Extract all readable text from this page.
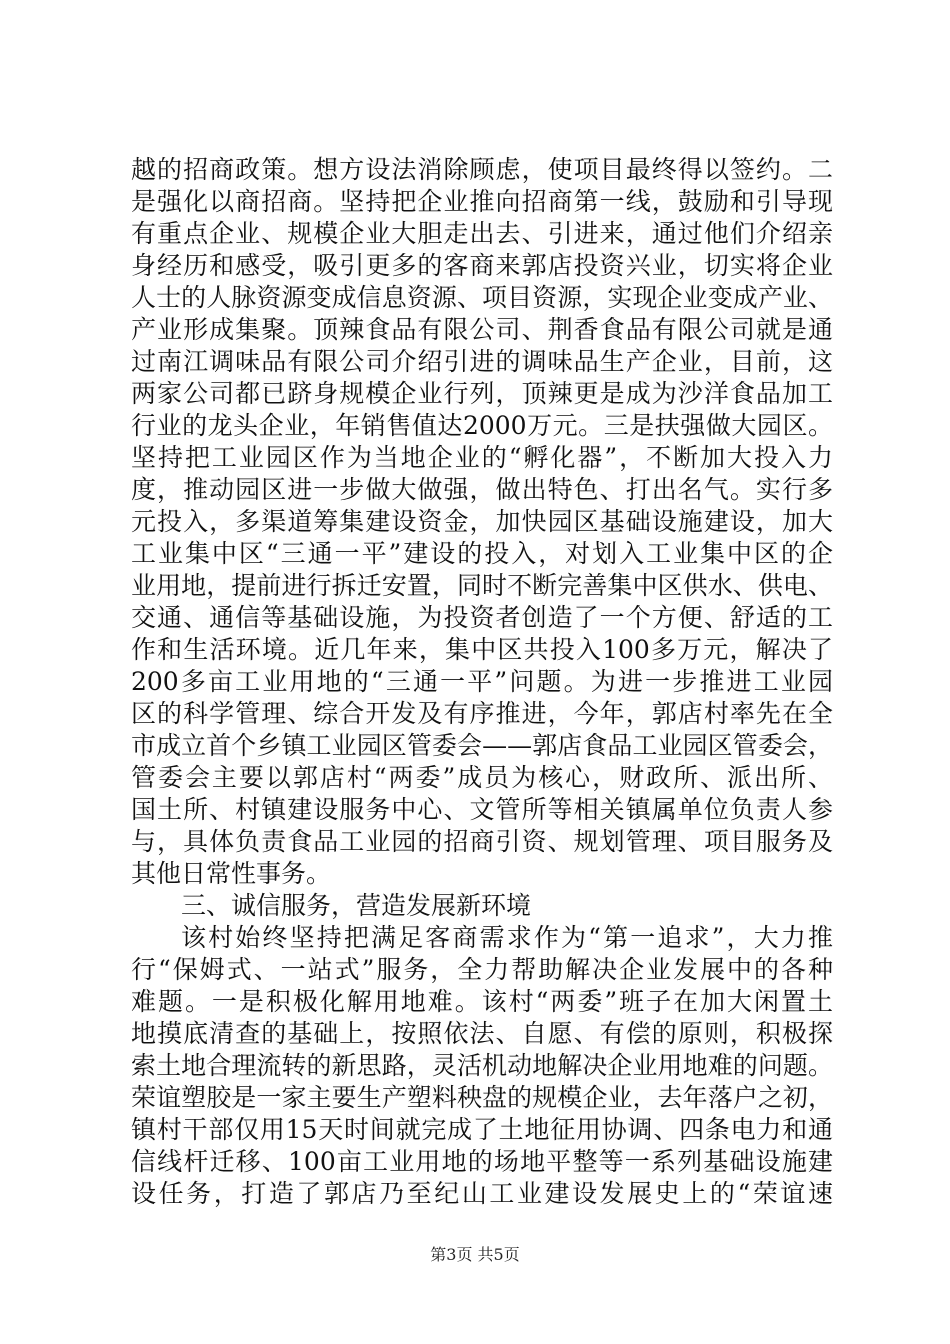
越的招商政策。想方设法消除顾虑，使项目最终得以签约。二
是强化以商招商。坚持把企业推向招商第一线，鼓励和引导现
有重点企业、规模企业大胆走出去、引进来，通过他们介绍亲
身经历和感受，吸引更多的客商来郭店投资兴业，切实将企业
人士的人脉资源变成信息资源、项目资源，实现企业变成产业、
产业形成集聚。顶辣食品有限公司、荆香食品有限公司就是通
过南江调味品有限公司介绍引进的调味品生产企业，目前，这
两家公司都已跻身规模企业行列，顶辣更是成为沙洋食品加工
行业的龙头企业，年销售值达2000万元。三是扶强做大园区。
坚持把工业园区作为当地企业的“孵化器”，不断加大投入力
度，推动园区进一步做大做强，做出特色、打出名气。实行多
元投入，多渠道筹集建设资金，加快园区基础设施建设，加大
工业集中区“三通一平”建设的投入，对划入工业集中区的企
业用地，提前进行拆迁安置，同时不断完善集中区供水、供电、
交通、通信等基础设施，为投资者创造了一个方便、舒适的工
作和生活环境。近几年来，集中区共投入100多万元，解决了
200多亩工业用地的“三通一平”问题。为进一步推进工业园
区的科学管理、综合开发及有序推进，今年，郭店村率先在全
市成立首个乡镇工业园区管委会——郭店食品工业园区管委会，
管委会主要以郭店村“两委”成员为核心，财政所、派出所、
国土所、村镇建设服务中心、文管所等相关镇属单位负责人参
与，具体负责食品工业园的招商引资、规划管理、项目服务及
其他日常性事务。
三、诚信服务，营造发展新环境
该村始终坚持把满足客商需求作为“第一追求”，大力推
行“保姆式、一站式”服务，全力帮助解决企业发展中的各种
难题。一是积极化解用地难。该村“两委”班子在加大闲置土
地摸底清查的基础上，按照依法、自愿、有偿的原则，积极探
索土地合理流转的新思路，灵活机动地解决企业用地难的问题。
荣谊塑胶是一家主要生产塑料秧盘的规模企业，去年落户之初，
镇村干部仅用15天时间就完成了土地征用协调、四条电力和通
信线杆迁移、100亩工业用地的场地平整等一系列基础设施建
设任务，打造了郭店乃至纪山工业建设发展史上的“荣谊速
第3页 共5页
